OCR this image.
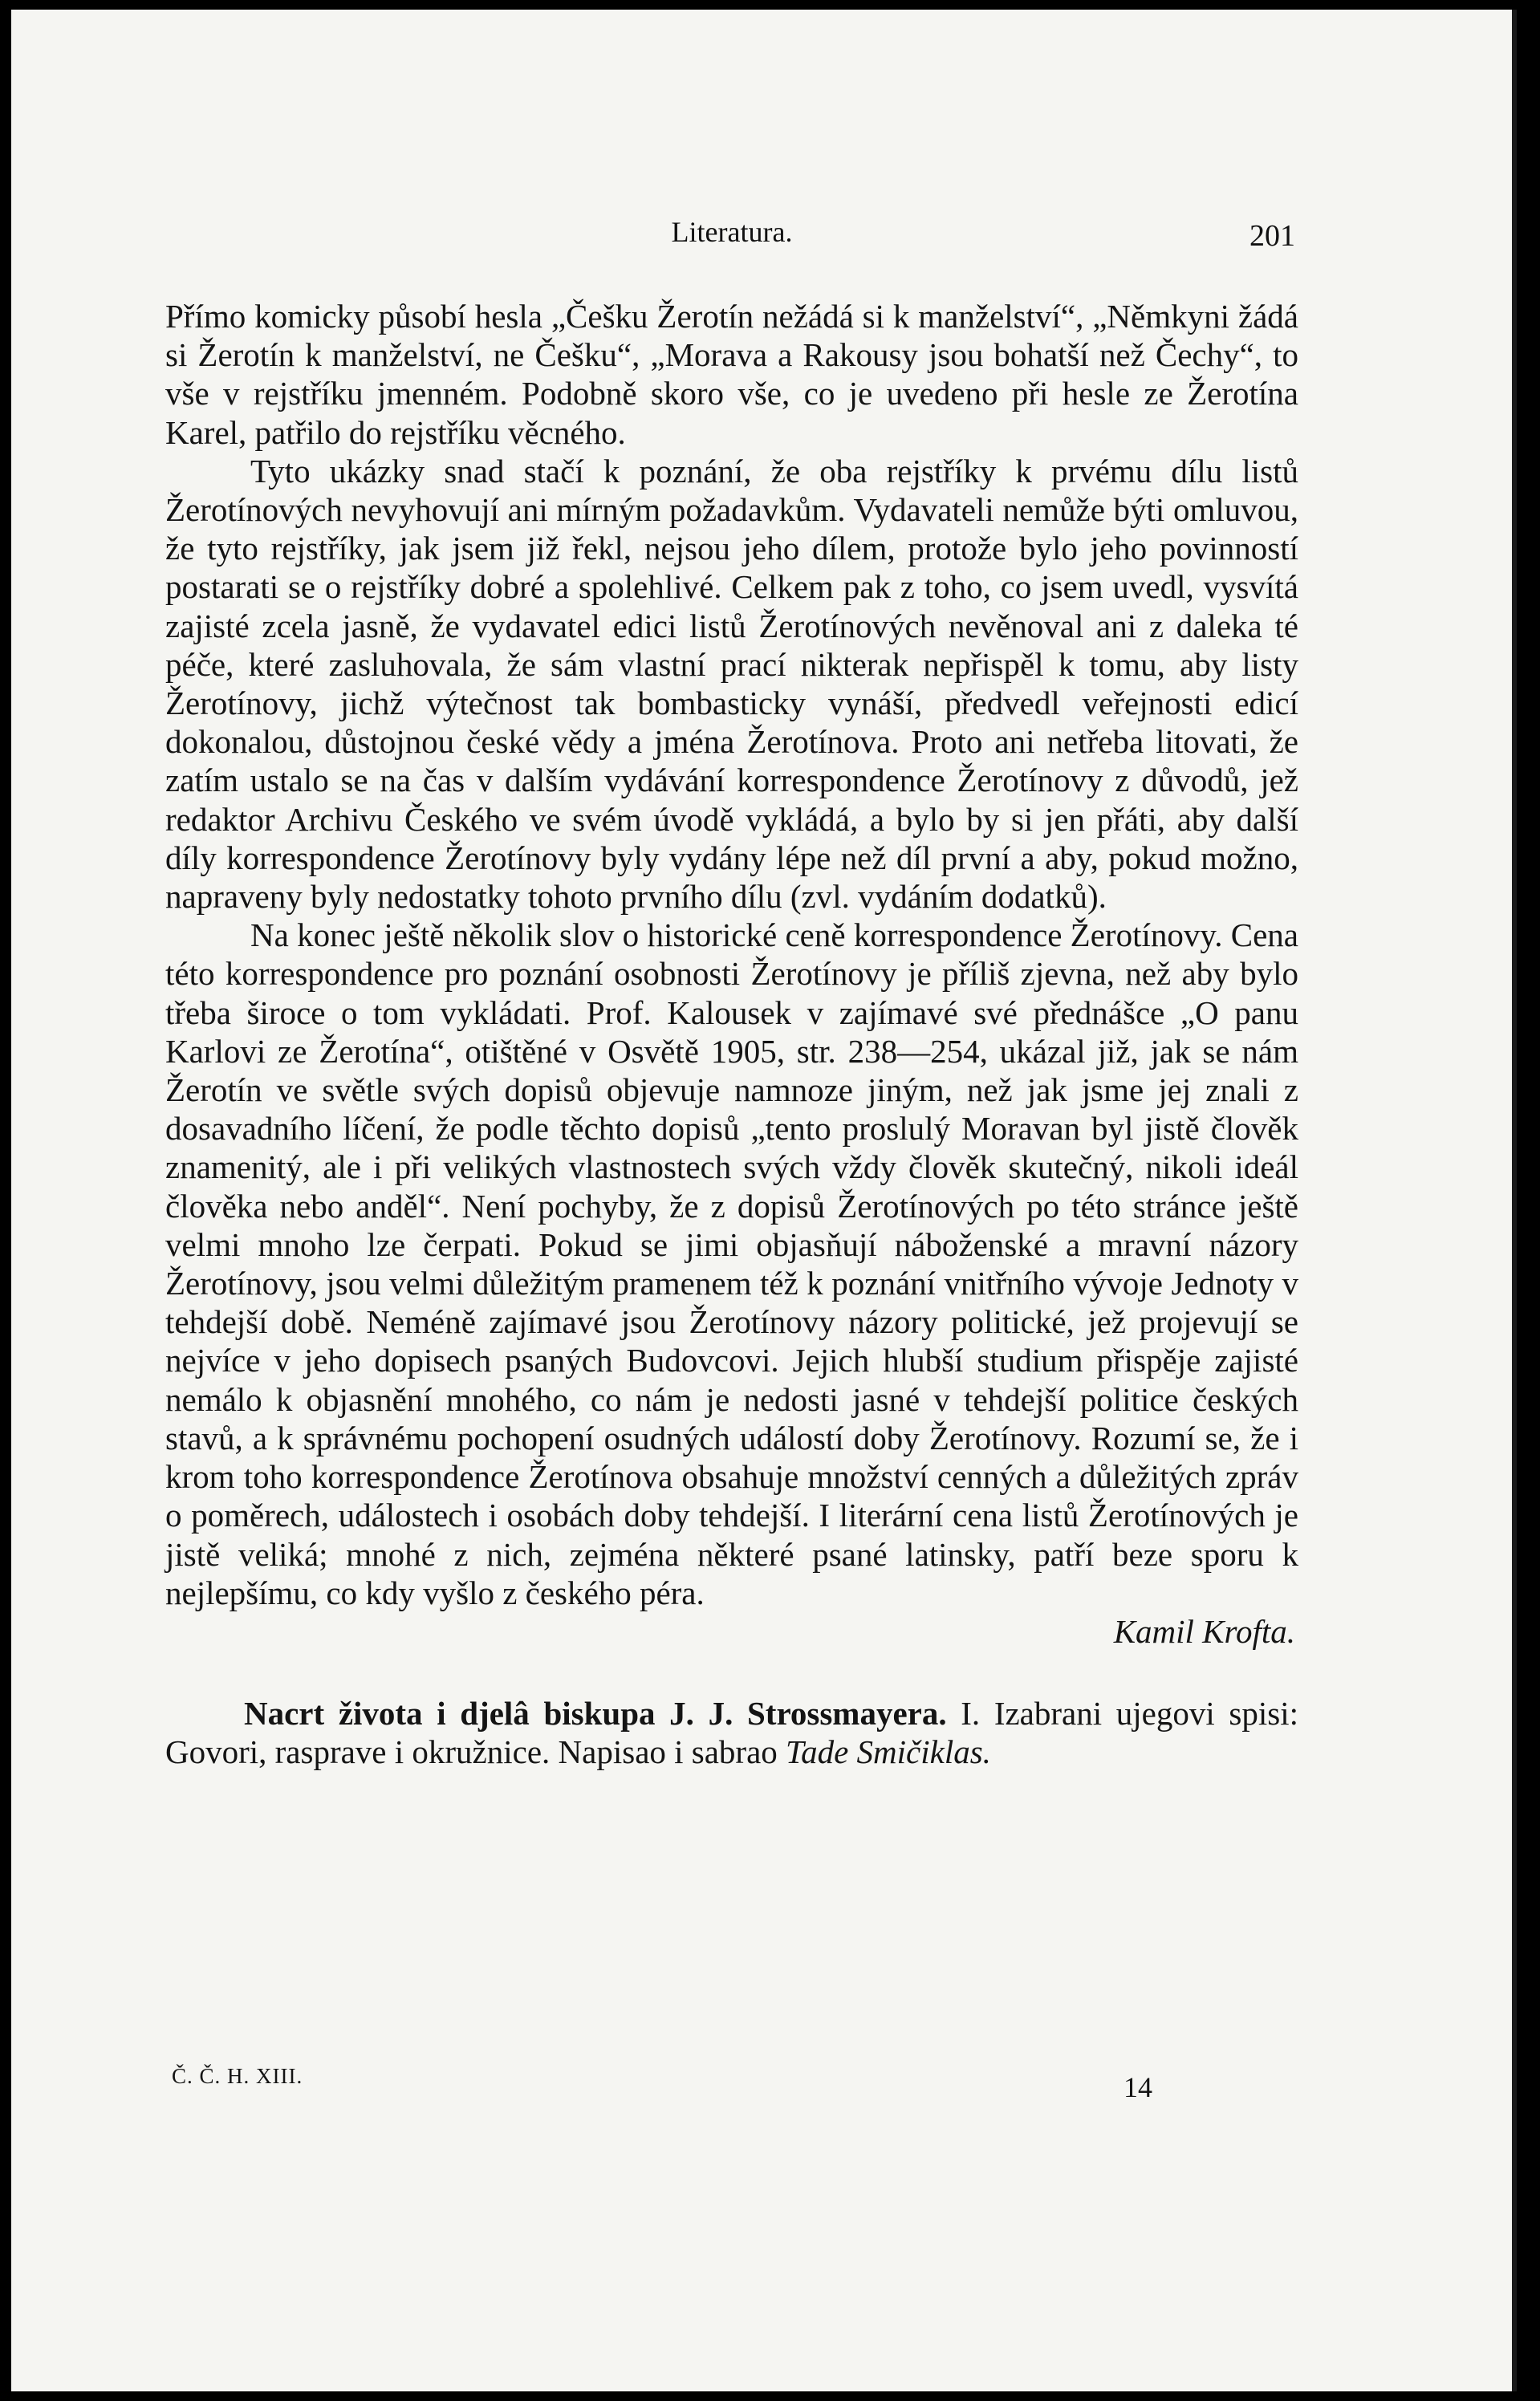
Literatura.	201

Přímo komicky působí hesla „Češku Žerotín nežádá si k manželství“, „Němkyni žádá si Žerotín k manželství, ne Češku“, „Morava a Rakousy jsou bohatší než Čechy“, to vše v rejstříku jmenném. Podobně skoro vše, co je uvedeno při hesle ze Žerotína Karel, patřilo do rejstříku věcného.

Tyto ukázky snad stačí k poznání, že oba rejstříky k prvému dílu listů Žerotínových nevyhovují ani mírným požadavkům. Vydavateli nemůže býti omluvou, že tyto rejstříky, jak jsem již řekl, nejsou jeho dílem, protože bylo jeho povinností postarati se o rejstříky dobré a spolehlivé. Celkem pak z toho, co jsem uvedl, vysvítá zajisté zcela jasně, že vydavatel edici listů Žerotínových nevěnoval ani z daleka té péče, které zasluhovala, že sám vlastní prací nikterak nepřispěl k tomu, aby listy Žerotínovy, jichž výtečnost tak bombasticky vynáší, předvedl veřejnosti edicí dokonalou, důstojnou české vědy a jména Žerotínova. Proto ani netřeba litovati, že zatím ustalo se na čas v dalším vydávání korrespondence Žerotínovy z důvodů, jež redaktor Archivu Českého ve svém úvodě vykládá, a bylo by si jen přáti, aby další díly korrespondence Žerotínovy byly vydány lépe než díl první a aby, pokud možno, napraveny byly nedostatky tohoto prvního dílu (zvl. vydáním dodatků).

Na konec ještě několik slov o historické ceně korrespondence Žerotínovy. Cena této korrespondence pro poznání osobnosti Žerotínovy je příliš zjevna, než aby bylo třeba široce o tom vykládati. Prof. Kalousek v zajímavé své přednášce „O panu Karlovi ze Žerotína“, otištěné v Osvětě 1905, str. 238—254, ukázal již, jak se nám Žerotín ve světle svých dopisů objevuje namnoze jiným, než jak jsme jej znali z dosavadního líčení, že podle těchto dopisů „tento proslulý Moravan byl jistě člověk znamenitý, ale i při velikých vlastnostech svých vždy člověk skutečný, nikoli ideál člověka nebo anděl“. Není pochyby, že z dopisů Žerotínových po této stránce ještě velmi mnoho lze čerpati. Pokud se jimi objasňují náboženské a mravní názory Žerotínovy, jsou velmi důležitým pramenem též k poznání vnitřního vývoje Jednoty v tehdejší době. Neméně zajímavé jsou Žerotínovy názory politické, jež projevují se nejvíce v jeho dopisech psaných Budovcovi. Jejich hlubší studium přispěje zajisté nemálo k objasnění mnohého, co nám je nedosti jasné v tehdejší politice českých stavů, a k správnému pochopení osudných událostí doby Žerotínovy. Rozumí se, že i krom toho korrespondence Žerotínova obsahuje množství cenných a důležitých zpráv o poměrech, událostech i osobách doby tehdejší. I literární cena listů Žerotínových je jistě veliká; mnohé z nich, zejména některé psané latinsky, patří beze sporu k nejlepšímu, co kdy vyšlo z českého péra.

Kamil Krofta.

Nacrt života i djelâ biskupa J. J. Strossmayera. I. Izabrani ujegovi spisi: Govori, rasprave i okružnice. Napisao i sabrao Tade Smičiklas.

Č. Č. H. XIII.	14
